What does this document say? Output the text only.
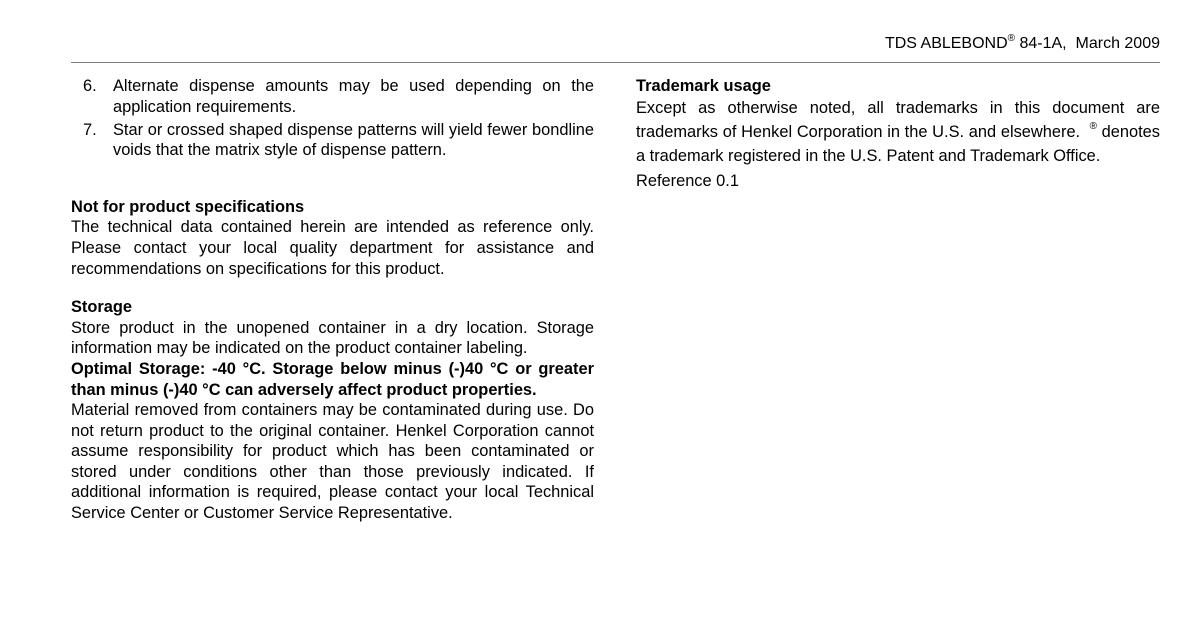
TDS ABLEBOND® 84-1A,  March 2009
6. Alternate dispense amounts may be used depending on the application requirements.
7. Star or crossed shaped dispense patterns will yield fewer bondline voids that the matrix style of dispense pattern.

Not for product specifications

The technical data contained herein are intended as reference only. Please contact your local quality department for assistance and recommendations on specifications for this product.

Storage

Store product in the unopened container in a dry location. Storage information may be indicated on the product container labeling.

Optimal Storage: -40 °C. Storage below minus (-)40 °C or greater than minus (-)40 °C can adversely affect product properties.

Material removed from containers may be contaminated during use. Do not return product to the original container. Henkel Corporation cannot assume responsibility for product which has been contaminated or stored under conditions other than those previously indicated. If additional information is required, please contact your local Technical Service Center or Customer Service Representative.

Trademark usage

Except as otherwise noted, all trademarks in this document are trademarks of Henkel Corporation in the U.S. and elsewhere.  ® denotes a trademark registered in the U.S. Patent and Trademark Office.

Reference 0.1
